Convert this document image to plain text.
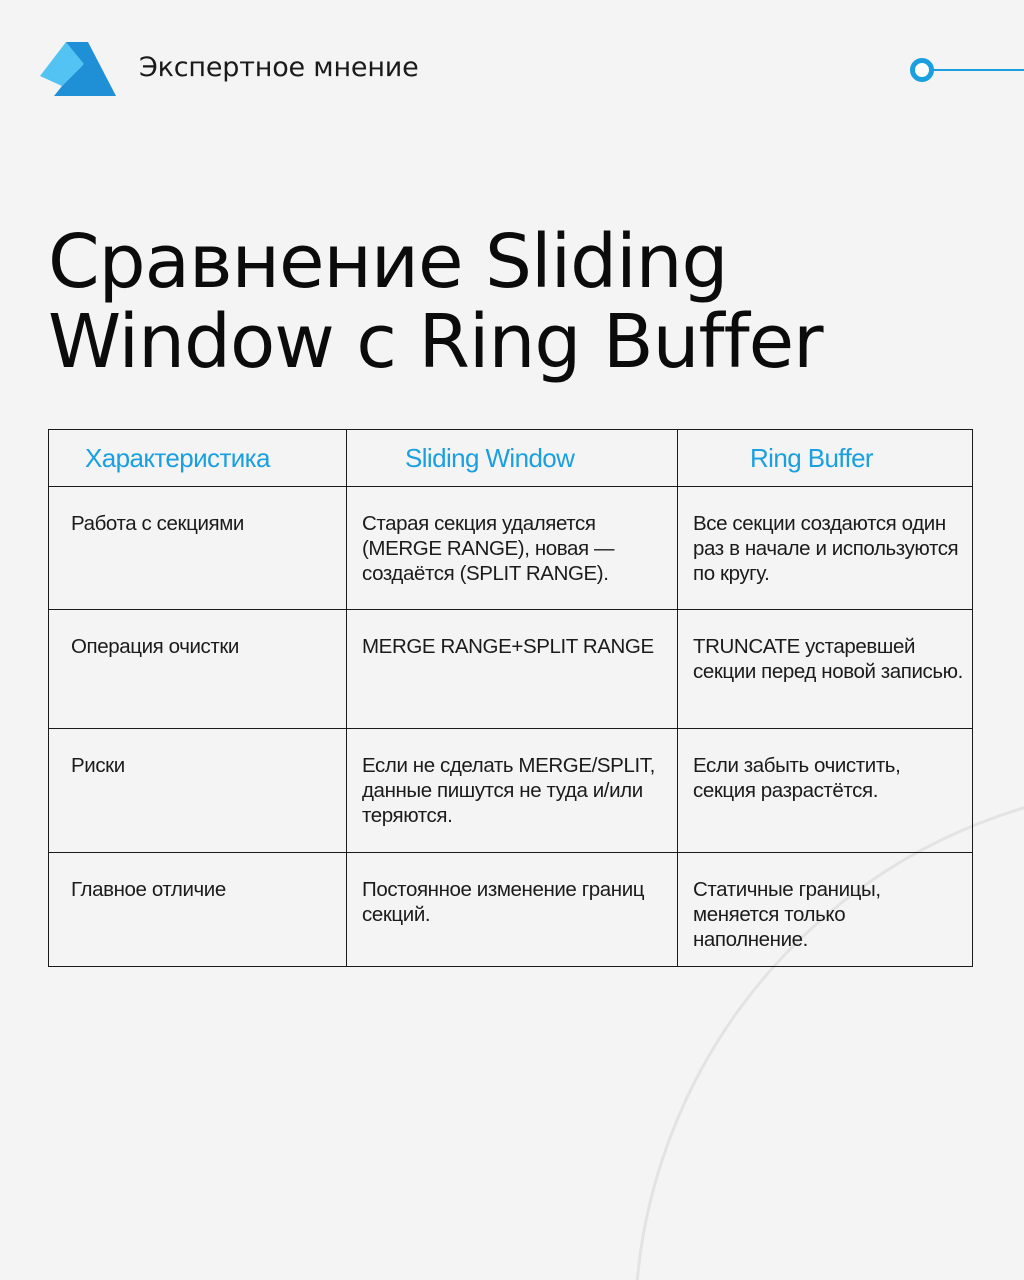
Экспертное мнение
Сравнение Sliding Window с Ring Buffer
Характеристика	Sliding Window	Ring Buffer
Работа с секциями	Старая секция удаляется (MERGE RANGE), новая — создаётся (SPLIT RANGE).	Все секции создаются один раз в начале и используются по кругу.
Операция очистки	MERGE RANGE+SPLIT RANGE	TRUNCATE устаревшей секции перед новой записью.
Риски	Если не сделать MERGE/SPLIT, данные пишутся не туда и/или теряются.	Если забыть очистить, секция разрастётся.
Главное отличие	Постоянное изменение границ секций.	Статичные границы, меняется только наполнение.
